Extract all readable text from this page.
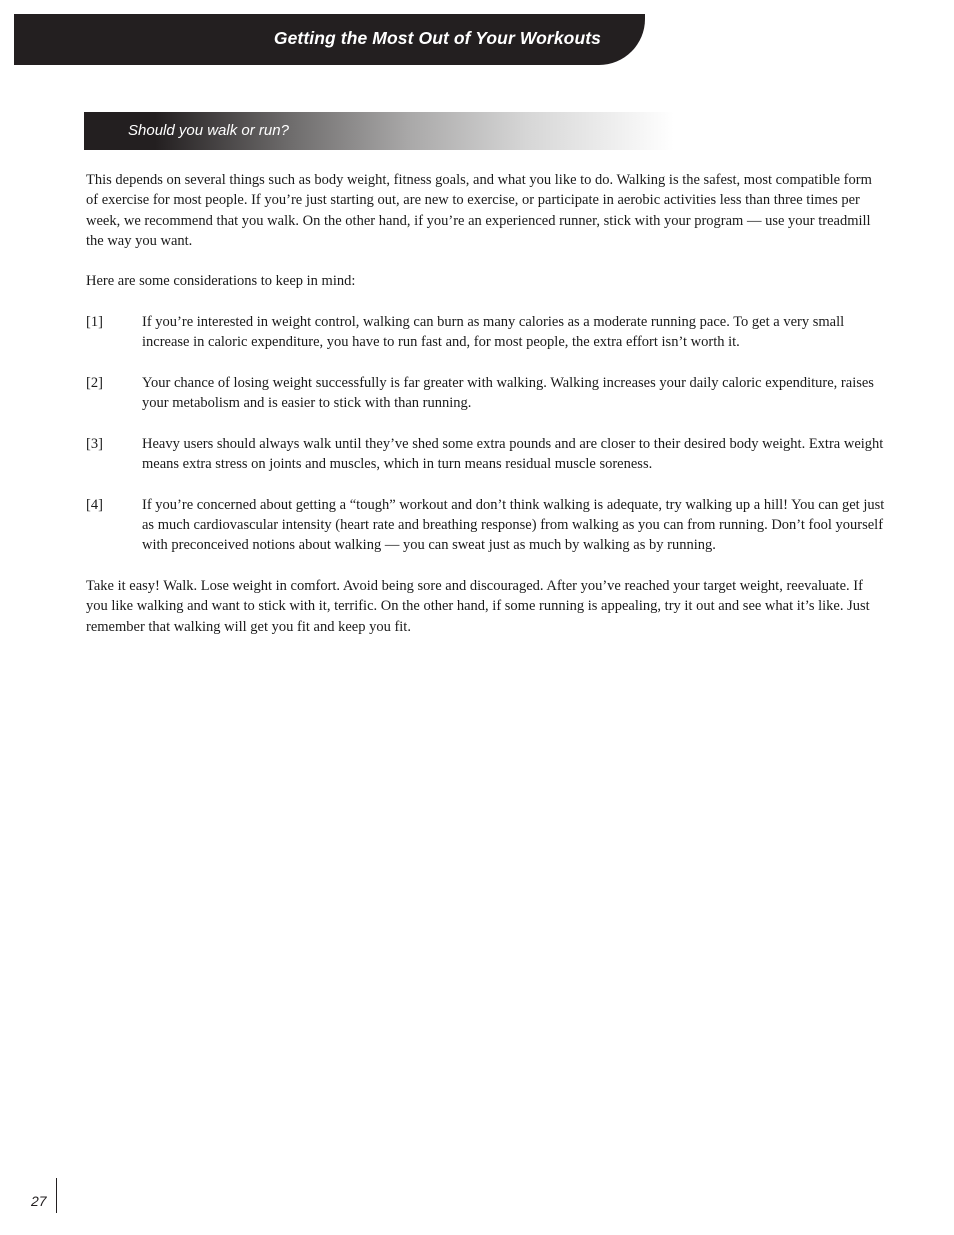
Getting the Most Out of Your Workouts
Should you walk or run?

This depends on several things such as body weight, fitness goals, and what you like to do. Walking is the safest, most compatible form of exercise for most people. If you’re just starting out, are new to exercise, or participate in aerobic activities less than three times per week, we recommend that you walk. On the other hand, if you’re an experienced runner, stick with your program — use your treadmill the way you want.

Here are some considerations to keep in mind:

[1]	If you’re interested in weight control, walking can burn as many calories as a moderate running pace. To get a very small increase in caloric expenditure, you have to run fast and, for most people, the extra effort isn’t worth it.
[2]	Your chance of losing weight successfully is far greater with walking. Walking increases your daily caloric expenditure, raises your metabolism and is easier to stick with than running.
[3]	Heavy users should always walk until they’ve shed some extra pounds and are closer to their desired body weight. Extra weight means extra stress on joints and muscles, which in turn means residual muscle soreness.
[4]	If you’re concerned about getting a “tough” workout and don’t think walking is adequate, try walking up a hill! You can get just as much cardiovascular intensity (heart rate and breathing response) from walking as you can from running. Don’t fool yourself with preconceived notions about walking — you can sweat just as much by walking as by running.

Take it easy! Walk. Lose weight in comfort. Avoid being sore and discouraged. After you’ve reached your target weight, reevaluate. If you like walking and want to stick with it, terrific. On the other hand, if some running is appealing, try it out and see what it’s like. Just remember that walking will get you fit and keep you fit.

27
